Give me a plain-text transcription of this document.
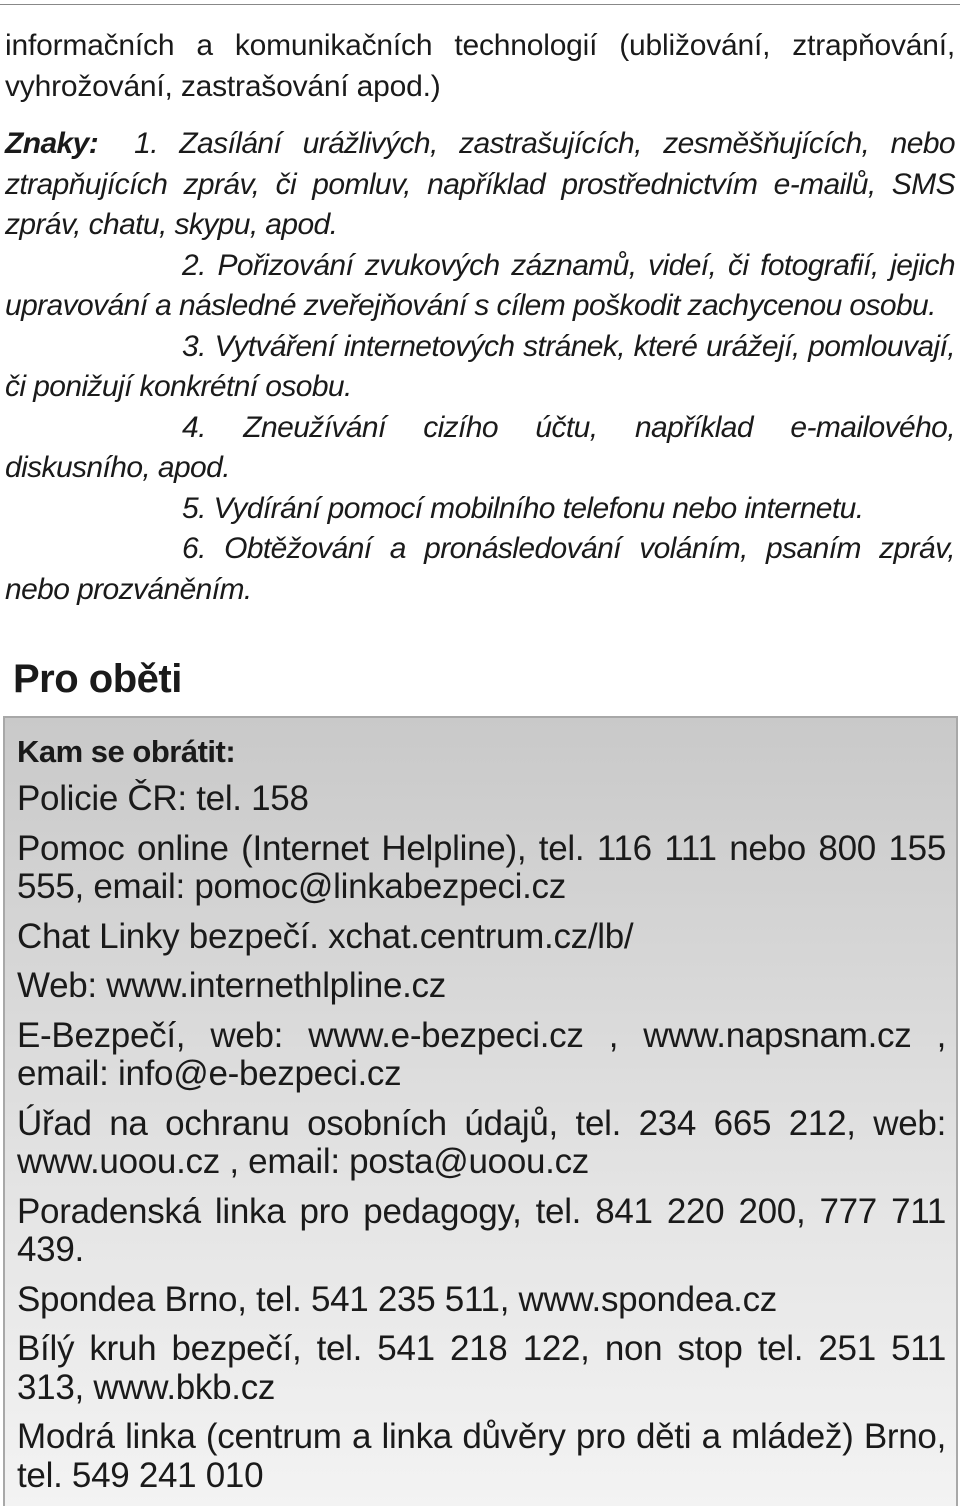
informačních a komunikačních technologií (ubližování, ztrapňování, vyhrožování, zastrašování apod.)

Znaky: 1. Zasílání urážlivých, zastrašujících, zesměšňujících, nebo ztrapňujících zpráv, či pomluv, například prostřednictvím e-mailů, SMS zpráv, chatu, skypu, apod.

2. Pořizování zvukových záznamů, videí, či fotografií, jejich upravování a následné zveřejňování s cílem poškodit zachycenou osobu.

3. Vytváření internetových stránek, které urážejí, pomlouvají, či ponižují konkrétní osobu.

4. Zneužívání cizího účtu, například e-mailového, diskusního, apod.

5. Vydírání pomocí mobilního telefonu nebo internetu.

6. Obtěžování a pronásledování voláním, psaním zpráv, nebo prozváněním.

Pro oběti
Kam se obrátit:

Policie ČR: tel. 158

Pomoc online (Internet Helpline), tel. 116 111 nebo 800 155 555, email: pomoc@linkabezpeci.cz

Chat Linky bezpečí. xchat.centrum.cz/lb/

Web: www.internethlpline.cz

E-Bezpečí, web: www.e-bezpeci.cz , www.napsnam.cz , email: info@e-bezpeci.cz

Úřad na ochranu osobních údajů, tel. 234 665 212, web: www.uoou.cz , email: posta@uoou.cz

Poradenská linka pro pedagogy, tel. 841 220 200, 777 711 439.

Spondea Brno, tel. 541 235 511, www.spondea.cz

Bílý kruh bezpečí, tel. 541 218 122, non stop tel. 251 511 313, www.bkb.cz

Modrá linka (centrum a linka důvěry pro děti a mládež) Brno, tel. 549 241 010
